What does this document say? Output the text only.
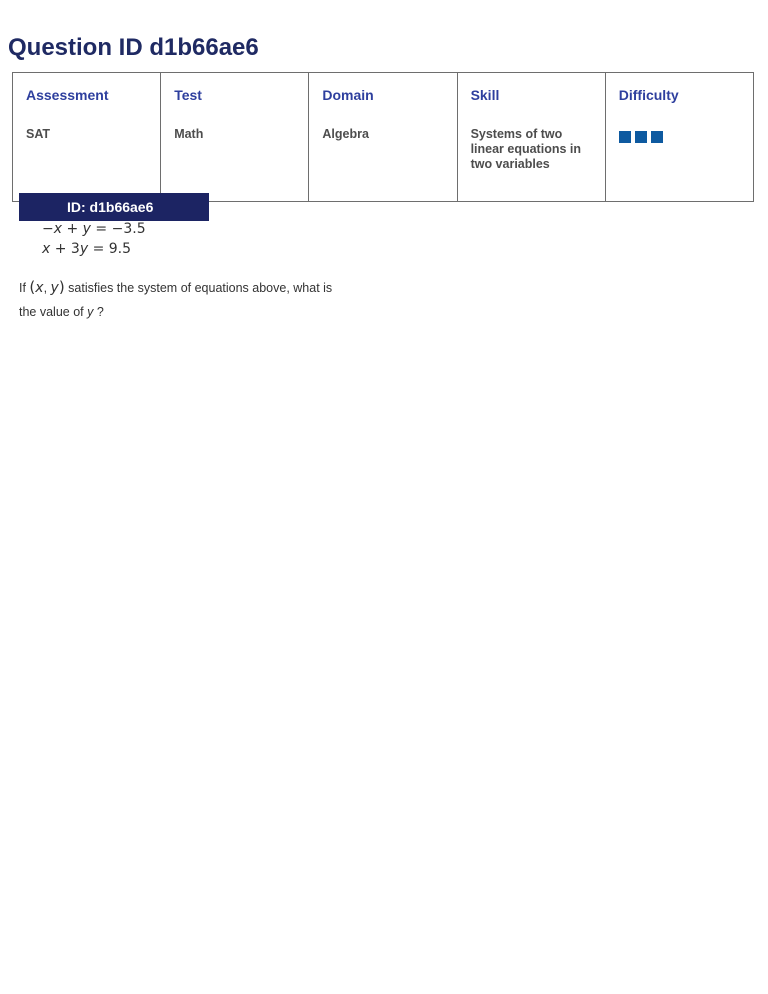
Question ID d1b66ae6
Assessment	Test	Domain	Skill	Difficulty
SAT	Math	Algebra	Systems of two linear equations in two variables	
ID: d1b66ae6
−x + y = −3.5
x + 3y = 9.5

If (x, y) satisfies the system of equations above, what is the value of y ?
